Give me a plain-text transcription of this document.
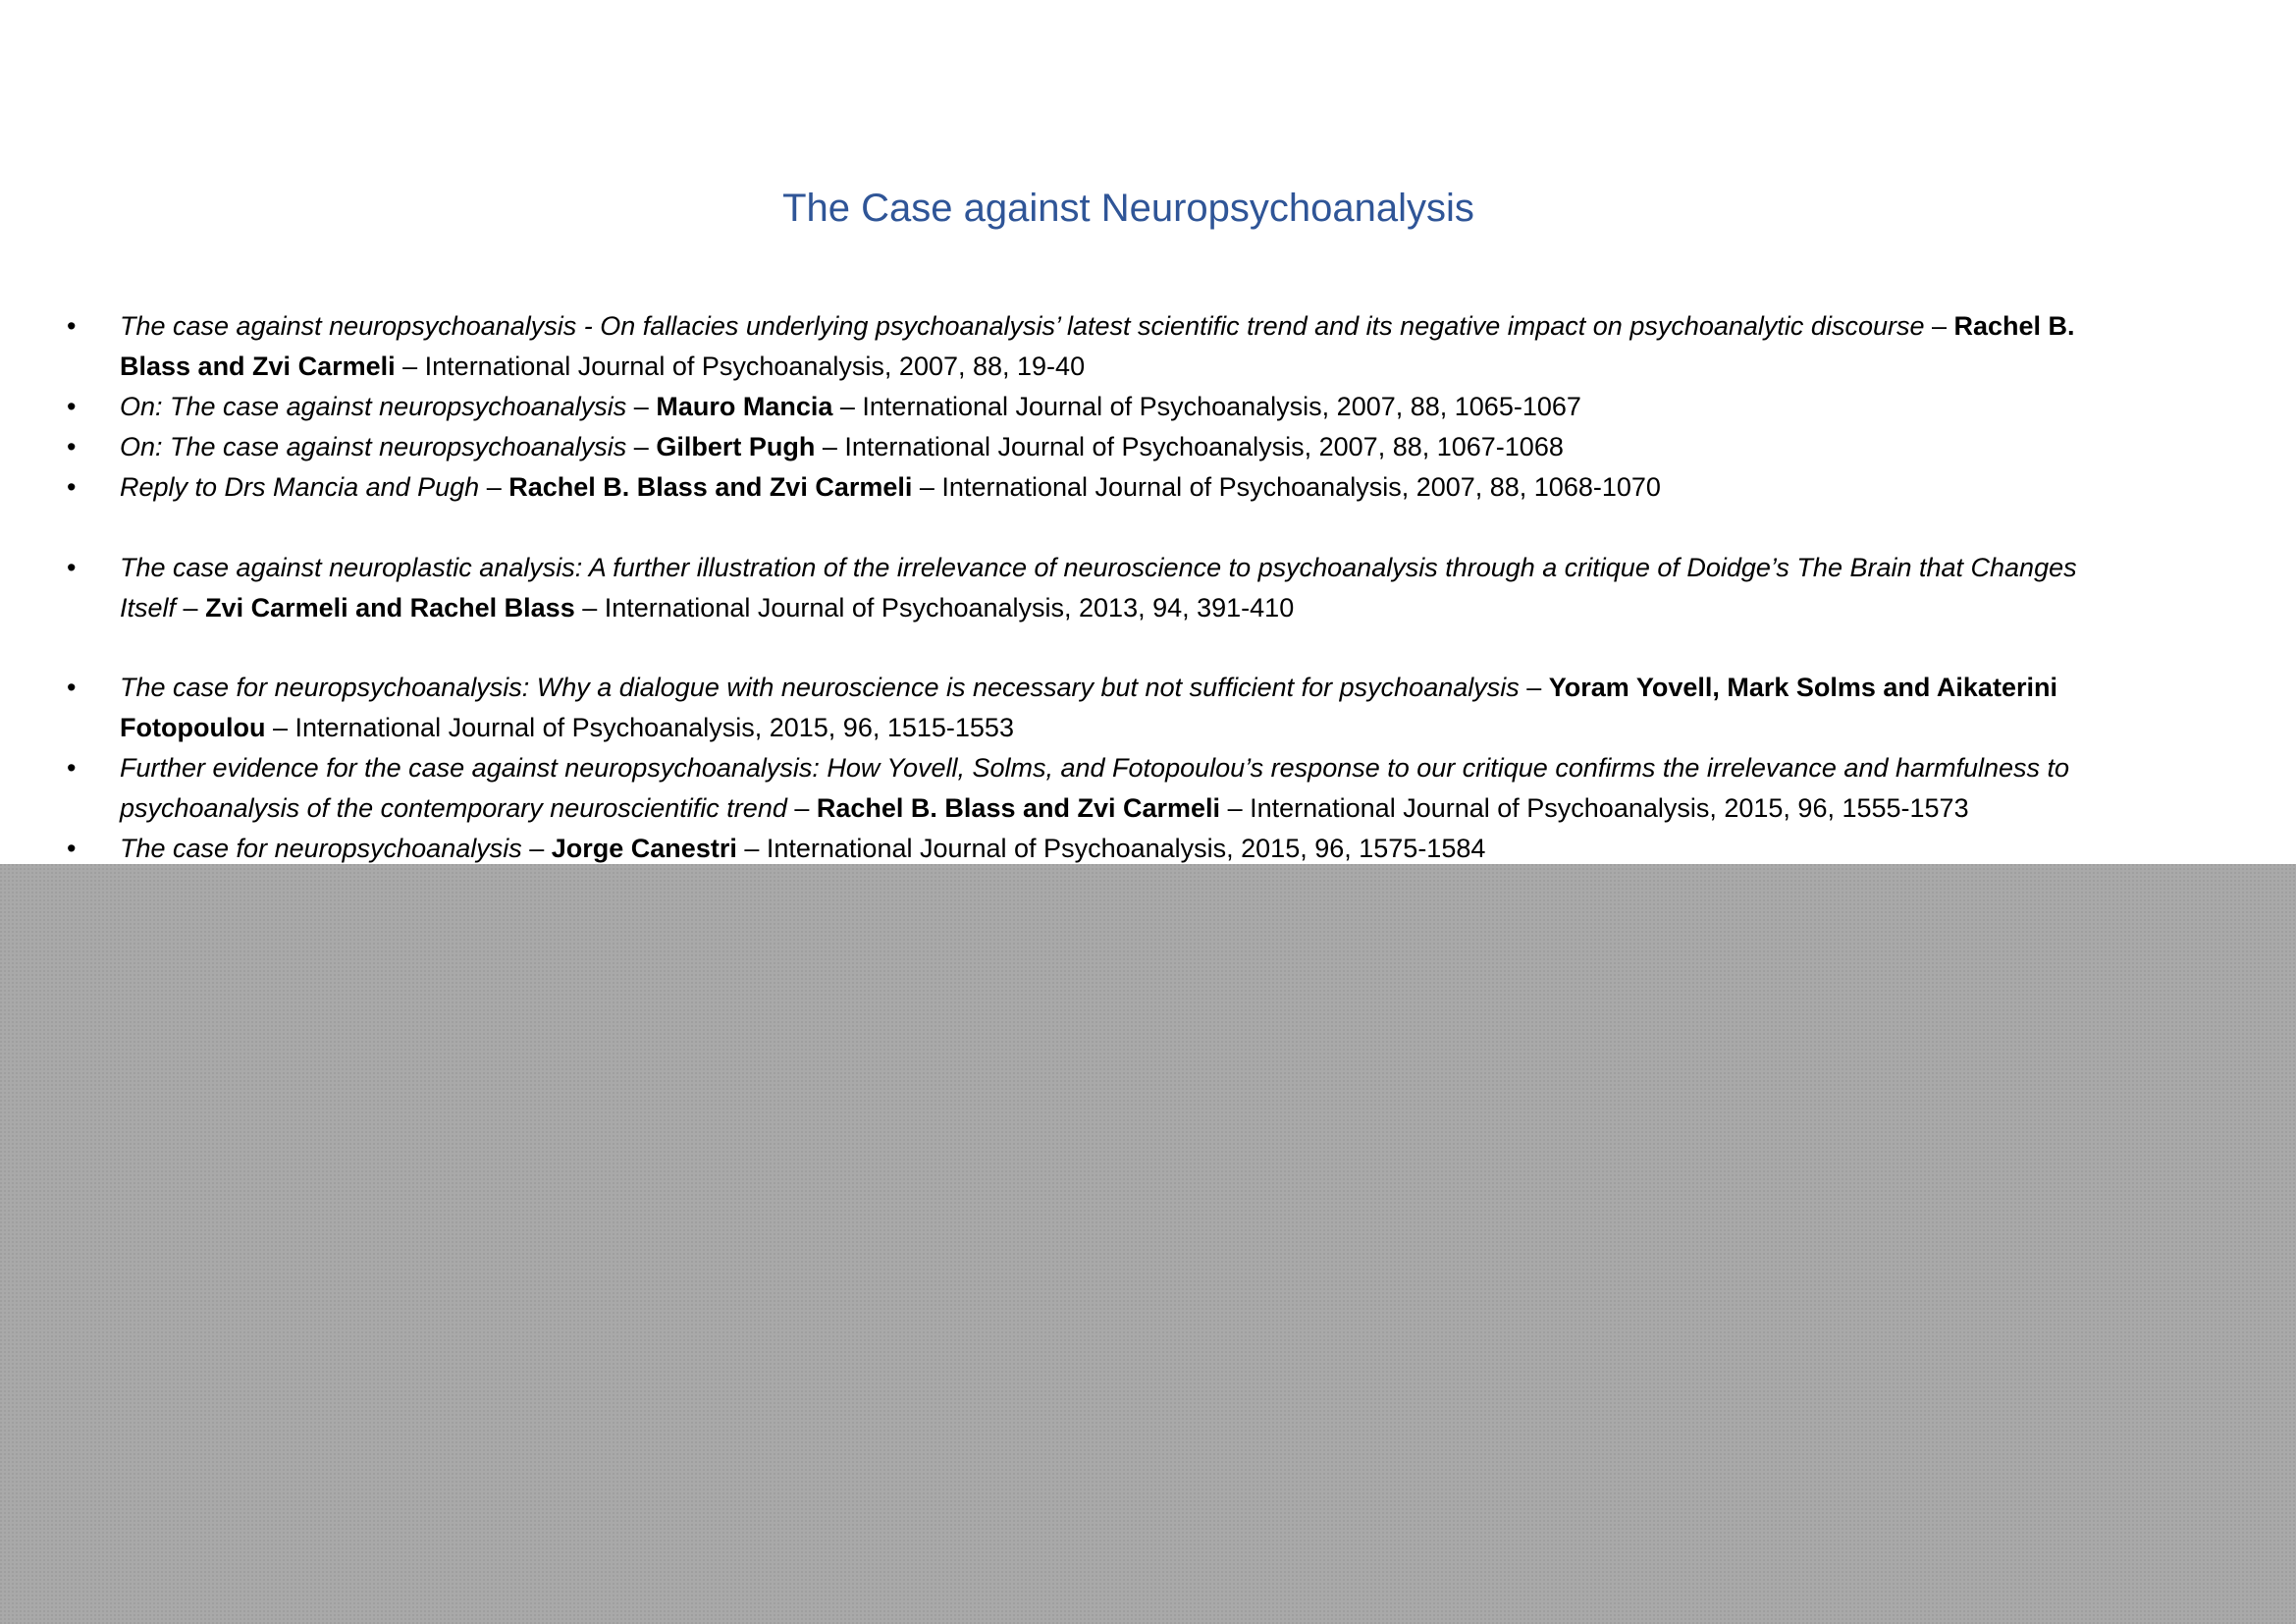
The Case against Neuropsychoanalysis
• The case against neuropsychoanalysis - On fallacies underlying psychoanalysis’ latest scientific trend and its negative impact on psychoanalytic discourse – Rachel B. Blass and Zvi Carmeli – International Journal of Psychoanalysis, 2007, 88, 19-40
• On: The case against neuropsychoanalysis – Mauro Mancia – International Journal of Psychoanalysis, 2007, 88, 1065-1067
• On: The case against neuropsychoanalysis – Gilbert Pugh – International Journal of Psychoanalysis, 2007, 88, 1067-1068
• Reply to Drs Mancia and Pugh – Rachel B. Blass and Zvi Carmeli – International Journal of Psychoanalysis, 2007, 88, 1068-1070
• The case against neuroplastic analysis: A further illustration of the irrelevance of neuroscience to psychoanalysis through a critique of Doidge’s The Brain that Changes Itself – Zvi Carmeli and Rachel Blass – International Journal of Psychoanalysis, 2013, 94, 391-410
• The case for neuropsychoanalysis: Why a dialogue with neuroscience is necessary but not sufficient for psychoanalysis – Yoram Yovell, Mark Solms and Aikaterini Fotopoulou – International Journal of Psychoanalysis, 2015, 96, 1515-1553
• Further evidence for the case against neuropsychoanalysis: How Yovell, Solms, and Fotopoulou’s response to our critique confirms the irrelevance and harmfulness to psychoanalysis of the contemporary neuroscientific trend – Rachel B. Blass and Zvi Carmeli – International Journal of Psychoanalysis, 2015, 96, 1555-1573
• The case for neuropsychoanalysis – Jorge Canestri – International Journal of Psychoanalysis, 2015, 96, 1575-1584
